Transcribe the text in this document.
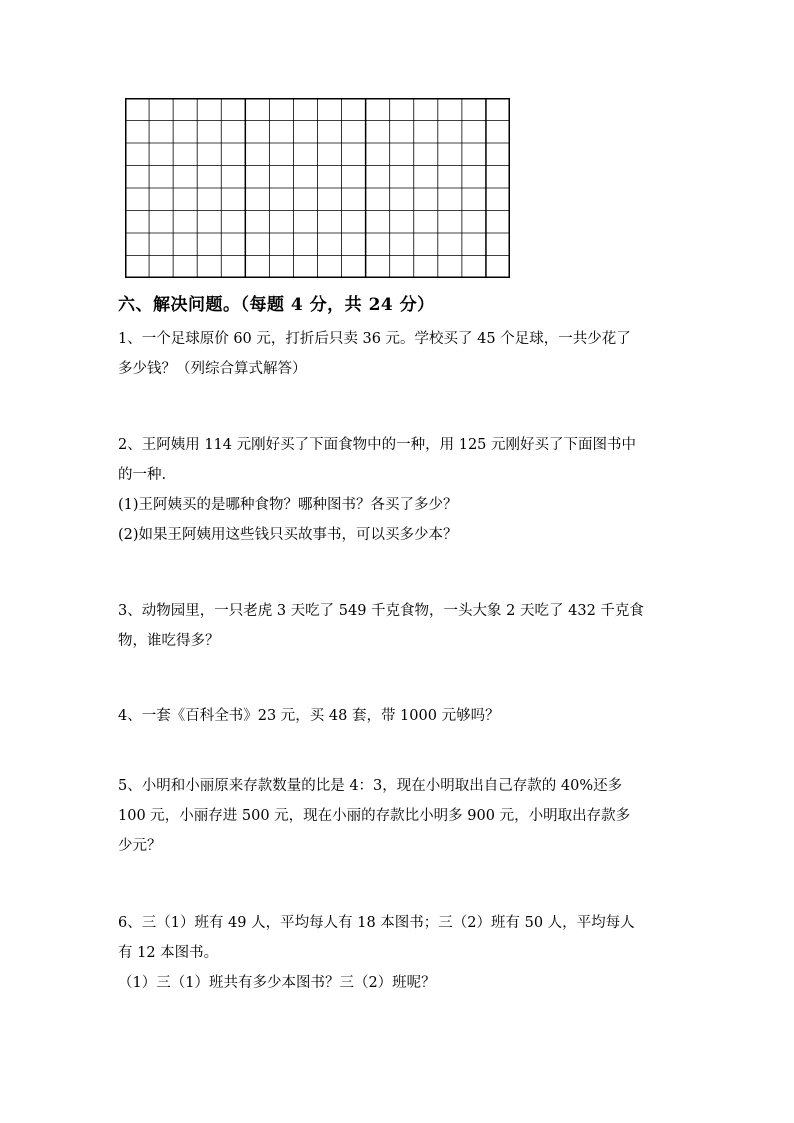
六、解决问题。（每题 4 分，共 24 分）
1、一个足球原价 60 元，打折后只卖 36 元。学校买了 45 个足球，一共少花了
多少钱？（列综合算式解答）
2、王阿姨用 114 元刚好买了下面食物中的一种，用 125 元刚好买了下面图书中
的一种.
(1)王阿姨买的是哪种食物？哪种图书？各买了多少？
(2)如果王阿姨用这些钱只买故事书，可以买多少本？
3、动物园里，一只老虎 3 天吃了 549 千克食物，一头大象 2 天吃了 432 千克食
物，谁吃得多？
4、一套《百科全书》23 元，买 48 套，带 1000 元够吗？
5、小明和小丽原来存款数量的比是 4：3，现在小明取出自己存款的 40%还多
100 元，小丽存进 500 元，现在小丽的存款比小明多 900 元，小明取出存款多
少元？
6、三（1）班有 49 人，平均每人有 18 本图书；三（2）班有 50 人，平均每人
有 12 本图书。
（1）三（1）班共有多少本图书？三（2）班呢？
